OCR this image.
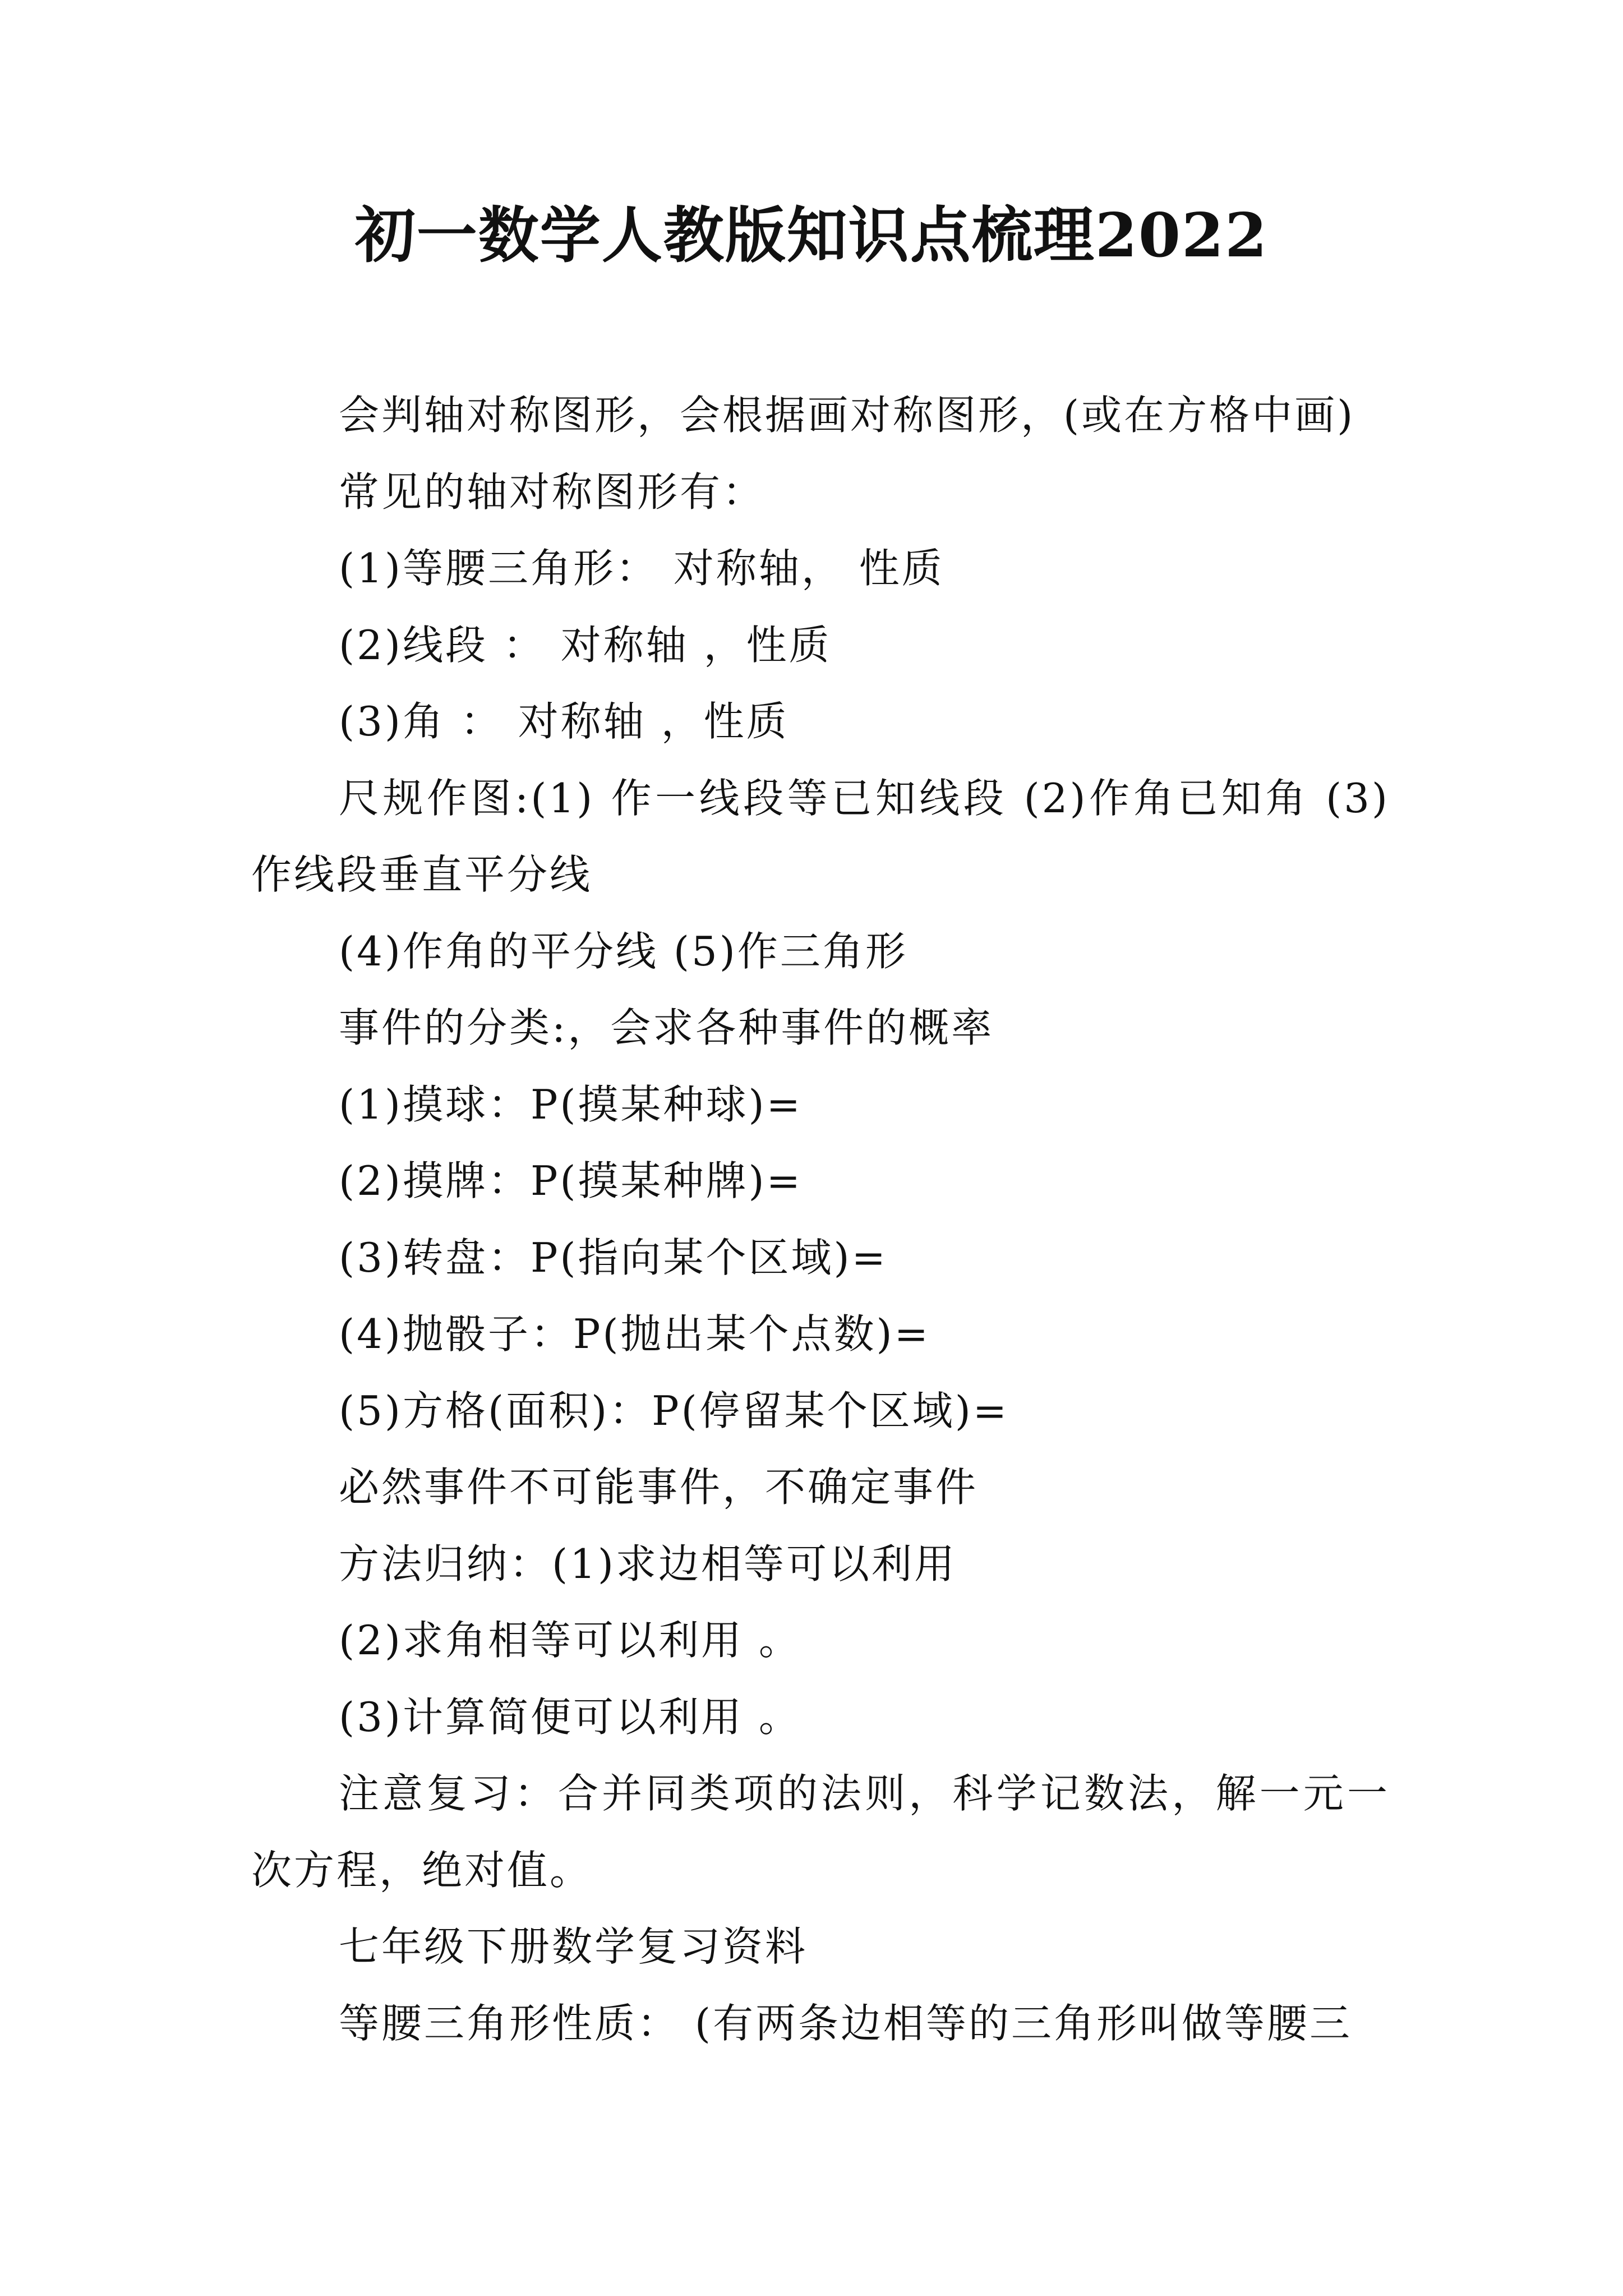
初一数学人教版知识点梳理2022

会判轴对称图形，会根据画对称图形，(或在方格中画)

常见的轴对称图形有：

(1)等腰三角形： 对称轴， 性质

(2)线段 ： 对称轴 ，性质

(3)角 ： 对称轴 ，性质

尺规作图:(1) 作一线段等已知线段 (2)作角已知角 (3)作线段垂直平分线

(4)作角的平分线 (5)作三角形

事件的分类:，会求各种事件的概率

(1)摸球：P(摸某种球)=

(2)摸牌：P(摸某种牌)=

(3)转盘：P(指向某个区域)=

(4)抛骰子：P(抛出某个点数)=

(5)方格(面积)：P(停留某个区域)=

必然事件不可能事件，不确定事件

方法归纳：(1)求边相等可以利用

(2)求角相等可以利用 。

(3)计算简便可以利用 。

注意复习：合并同类项的法则，科学记数法，解一元一次方程，绝对值。

七年级下册数学复习资料

等腰三角形性质： (有两条边相等的三角形叫做等腰三
